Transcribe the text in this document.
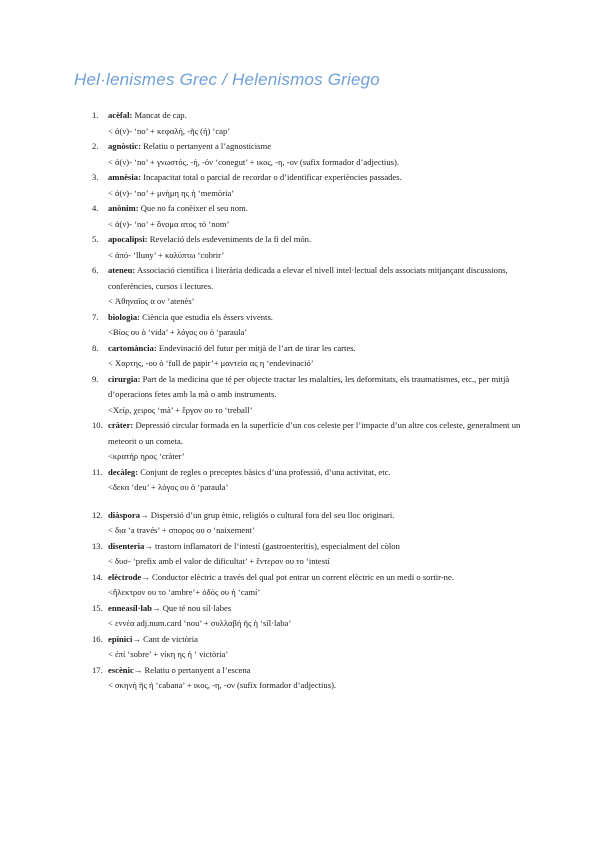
Hel·lenismes Grec / Helenismos Griego
1. acèfal: Mancat de cap.
< ἀ(ν)- ‘no’ + κεφαλή, -ῆς (ἡ) ‘cap’
2. agnòstic: Relatiu o pertanyent a l’agnosticisme
< ἀ(ν)- ‘no’ + γνωστός, -ή, -όν ‘conegut’ + ικος, -η, -ον (sufix formador d’adjectius).
3. amnèsia: Incapacitat total o parcial de recordar o d’identificar experiències passades.
< ἀ(ν)- ‘no’ + μνήμη ης ἡ ‘memòria’
4. anònim: Que no fa conèixer el seu nom.
< ἀ(ν)- ‘no’ + ὄνομα ατος τό ‘nom’
5. apocalipsi: Revelació dels esdeveniments de la fi del món.
< ἀπό- ‘lluny’ + καλύπτω ‘cobrir’
6. ateneu: Associació científica i literària dedicada a elevar el nivell intel·lectual dels associats mitjançant discussions, conferències, cursos i lectures.
< Ἀθηναῖος α ον ‘atenès’
7. biologia: Ciència que estudia els éssers vivents.
<Βίος ου ὁ ‘vida’ + λόγος ου ὁ ‘paraula’
8. cartomància: Endevinació del futur per mitjà de l’art de tirar les cartes.
< Χαρτης, -ου ὁ ‘full de papir’+ μαντεία ας η ‘endevinació’
9. cirurgia: Part de la medicina que té per objecte tractar les malalties, les deformitats, els traumatismes, etc., per mitjà d’operacions fetes amb la mà o amb instruments.
<Χείρ, χειρος ‘mà’ + ἔργον ου το ‘treball’
10. cràter: Depressió circular formada en la superfície d’un cos celeste per l’impacte d’un altre cos celeste, generalment un meteorit o un cometa.
<κρατήρ ηρος ‘cràter’
11. decàleg: Conjunt de regles o preceptes bàsics d’una professió, d’una activitat, etc.
<δεκα ‘deu’ + λόγος ου ὁ ‘paraula’
12. diàspora→ Dispersió d’un grup ètnic, religiós o cultural fora del seu lloc originari.
< δια ‘a través’ + σπορος ου ο ‘naixement’
13. disenteria→ trastorn inflamatori de l’intestí (gastroenteritis), especialment del còlon
< δυσ- ‘prefix amb el valor de dificultat’ + ἔντερον ου το ‘intestí
14. elèctrode→ Conductor elèctric a través del qual pot entrar un corrent elèctric en un medi o sortir-ne.
<ἤλεκτρον ου το ‘ambre’+ ὁδός ου ἡ ‘camí’
15. enneasíl·lab→ Que té nou síl·labes
< εννέα adj.num.card ‘nou’ + συλλαβή ῆς ἡ ‘síl·laba’
16. epinici→ Cant de victòria
< ἐπί ‘sobre’ + νίκη ης ἡ ‘ victòria’
17. escènic→ Relatiu o pertanyent a l’escena
< σκηνή ῆς ἡ ‘cabana’ + ικος, -η, -ον (sufix formador d’adjectius).
